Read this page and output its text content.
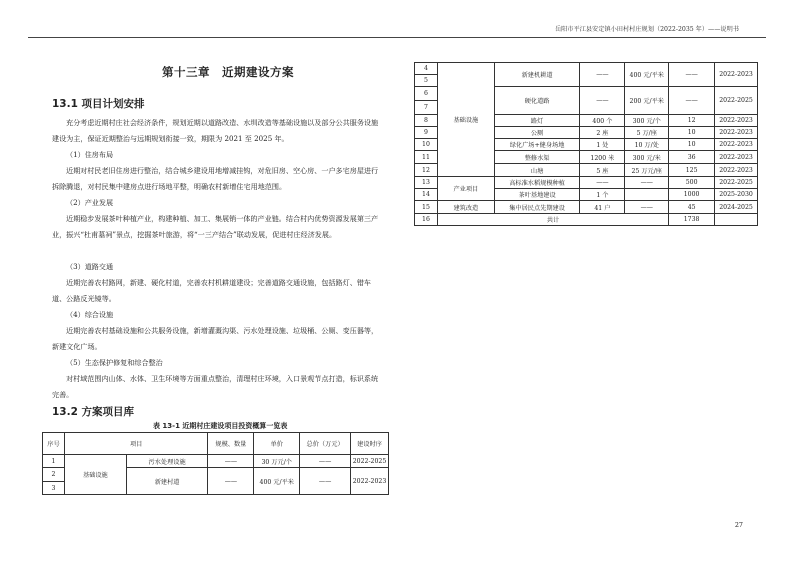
岳阳市平江县安定镇小田村村庄规划（2022-2035 年）——说明书
第十三章　近期建设方案
13.1 项目计划安排
充分考虑近期村庄社会经济条件，规划近期以道路改造、水圳改造等基础设施以及部分公共服务设施建设为主，保证近期整治与远期规划衔接一致，期限为 2021 至 2025 年。
（1）住房布局
近期对村民老旧住房进行整治，结合城乡建设用地增减挂钩，对危旧房、空心房、一户多宅房屋进行拆除腾退，对村民集中建房点进行场地平整，明确农村新增住宅用地范围。
（2）产业发展
近期稳步发展茶叶种植产业，构建种植、加工、集展销一体的产业链。结合村内优势资源发展第三产业，振兴“杜甫墓祠”景点，挖掘茶叶旅游，将“一三产结合”联动发展，促进村庄经济发展。
（3）道路交通
近期完善农村路网，新建、硬化村道，完善农村机耕道建设；完善道路交通设施，包括路灯、错车道、公路反光镜等。
（4）综合设施
近期完善农村基础设施和公共服务设施，新增灌溉沟渠、污水处理设施、垃圾桶、公厕、变压器等，新建文化广场。
（5）生态保护修复和综合整治
对村域范围内山体、水体、卫生环境等方面重点整治，清理村庄环境，入口景观节点打造，标识系统完善。
13.2 方案项目库
表 13-1 近期村庄建设项目投资概算一览表
序号	项目		规模、数量	单价	总价（万元）	建设时序
1	基础设施	污水处理设施	——	30 万元/个	——	2022-2025
2		新建村道	——	400 元/平米	——	2022-2023
3						
4	基础设施	新建机耕道	——	400 元/平米	——	2022-2023
5						
6		硬化道路	——	200 元/平米	——	2022-2025
7						
8		路灯	400 个	300 元/个	12	2022-2023
9		公厕	2 座	5 万/座	10	2022-2023
10		绿化广场+健身场地	1 处	10 万/处	10	2022-2023
11		整修水渠	1200 米	300 元/米	36	2022-2023
12		山塘	5 座	25 万元/座	125	2022-2023
13	产业项目	高标准水稻规模种植	——	——	500	2022-2025
14		茶叶基地建设	1 个		1000	2025-2030
15	建筑改造	集中居民点先期建设	41 户	——	45	2024-2025
16	共计				1738	
27
